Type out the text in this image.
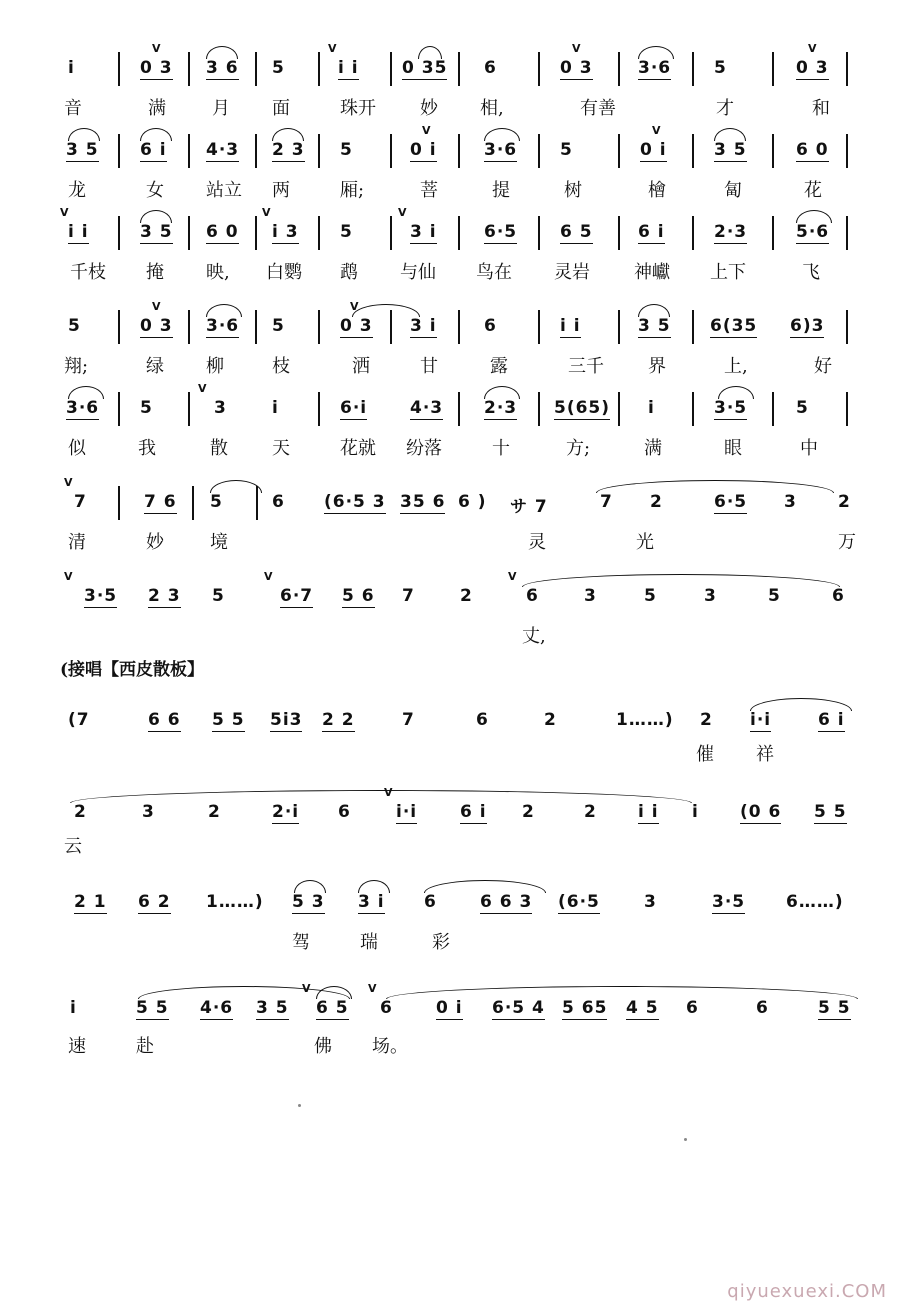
i
V
0 3 3 6 5
V
i i	0 35 6
V
0 3	3·6	5
V
0 3
音	满	月 面	珠开 妙 相,	有善	才	和
3 5 6 i 4·3 2 3 5
V
0 i	3·6	5
V
0 i	3 5	6 0
龙	女 站立 两	厢;	菩	提	树	檜	匐	花
V
i i	3 5 6 0
V
i 3 5
V
3 i	6·5	6 5	6 i	2·3	5·6
千枝 掩 映, 白鹦 鹉 与仙 鸟在 灵岩 神巘 上下	飞
5
V
0 3 3·6 5
V
0 3 3 i	6	i i	3 5 6(35 6)3
翔;	绿 柳	枝	洒	甘	露	三千 界	上,	好
3·6 5
V
3	i	6·i	4·3 2·3 5(65) i	3·5	5
似	我	散 天	花就 纷落	十	方;	满	眼	中
V
7	7 6 5	6 (6·5 3 35 6 6 ) サ 7	7 2	6·5 3 2
清	妙	境	灵	光	万
V
3·5 2 3 5
V
6·7 5 6 7	2
V
6	3	5	3	5	6
丈,
(接唱【西皮散板】
(7	6 6 5 5 5i3 2 2	7	6	2	1……) 2 i·i	6 i
催 祥
2	3	2	2·i 6
V
i·i	6 i 2	2 i i i (0 6 5 5
云
2 1 6 2 1……) 5 3 3 i 6	6 6 3 (6·5	3	3·5 6……)
驾	瑞	彩
i	5 5 4·6 3 5
V
6 5
V
6	0 i 6·5 4 5 65 4 5 6	6	5 5
速	赴	佛 场。
qiyuexuexi.COM
